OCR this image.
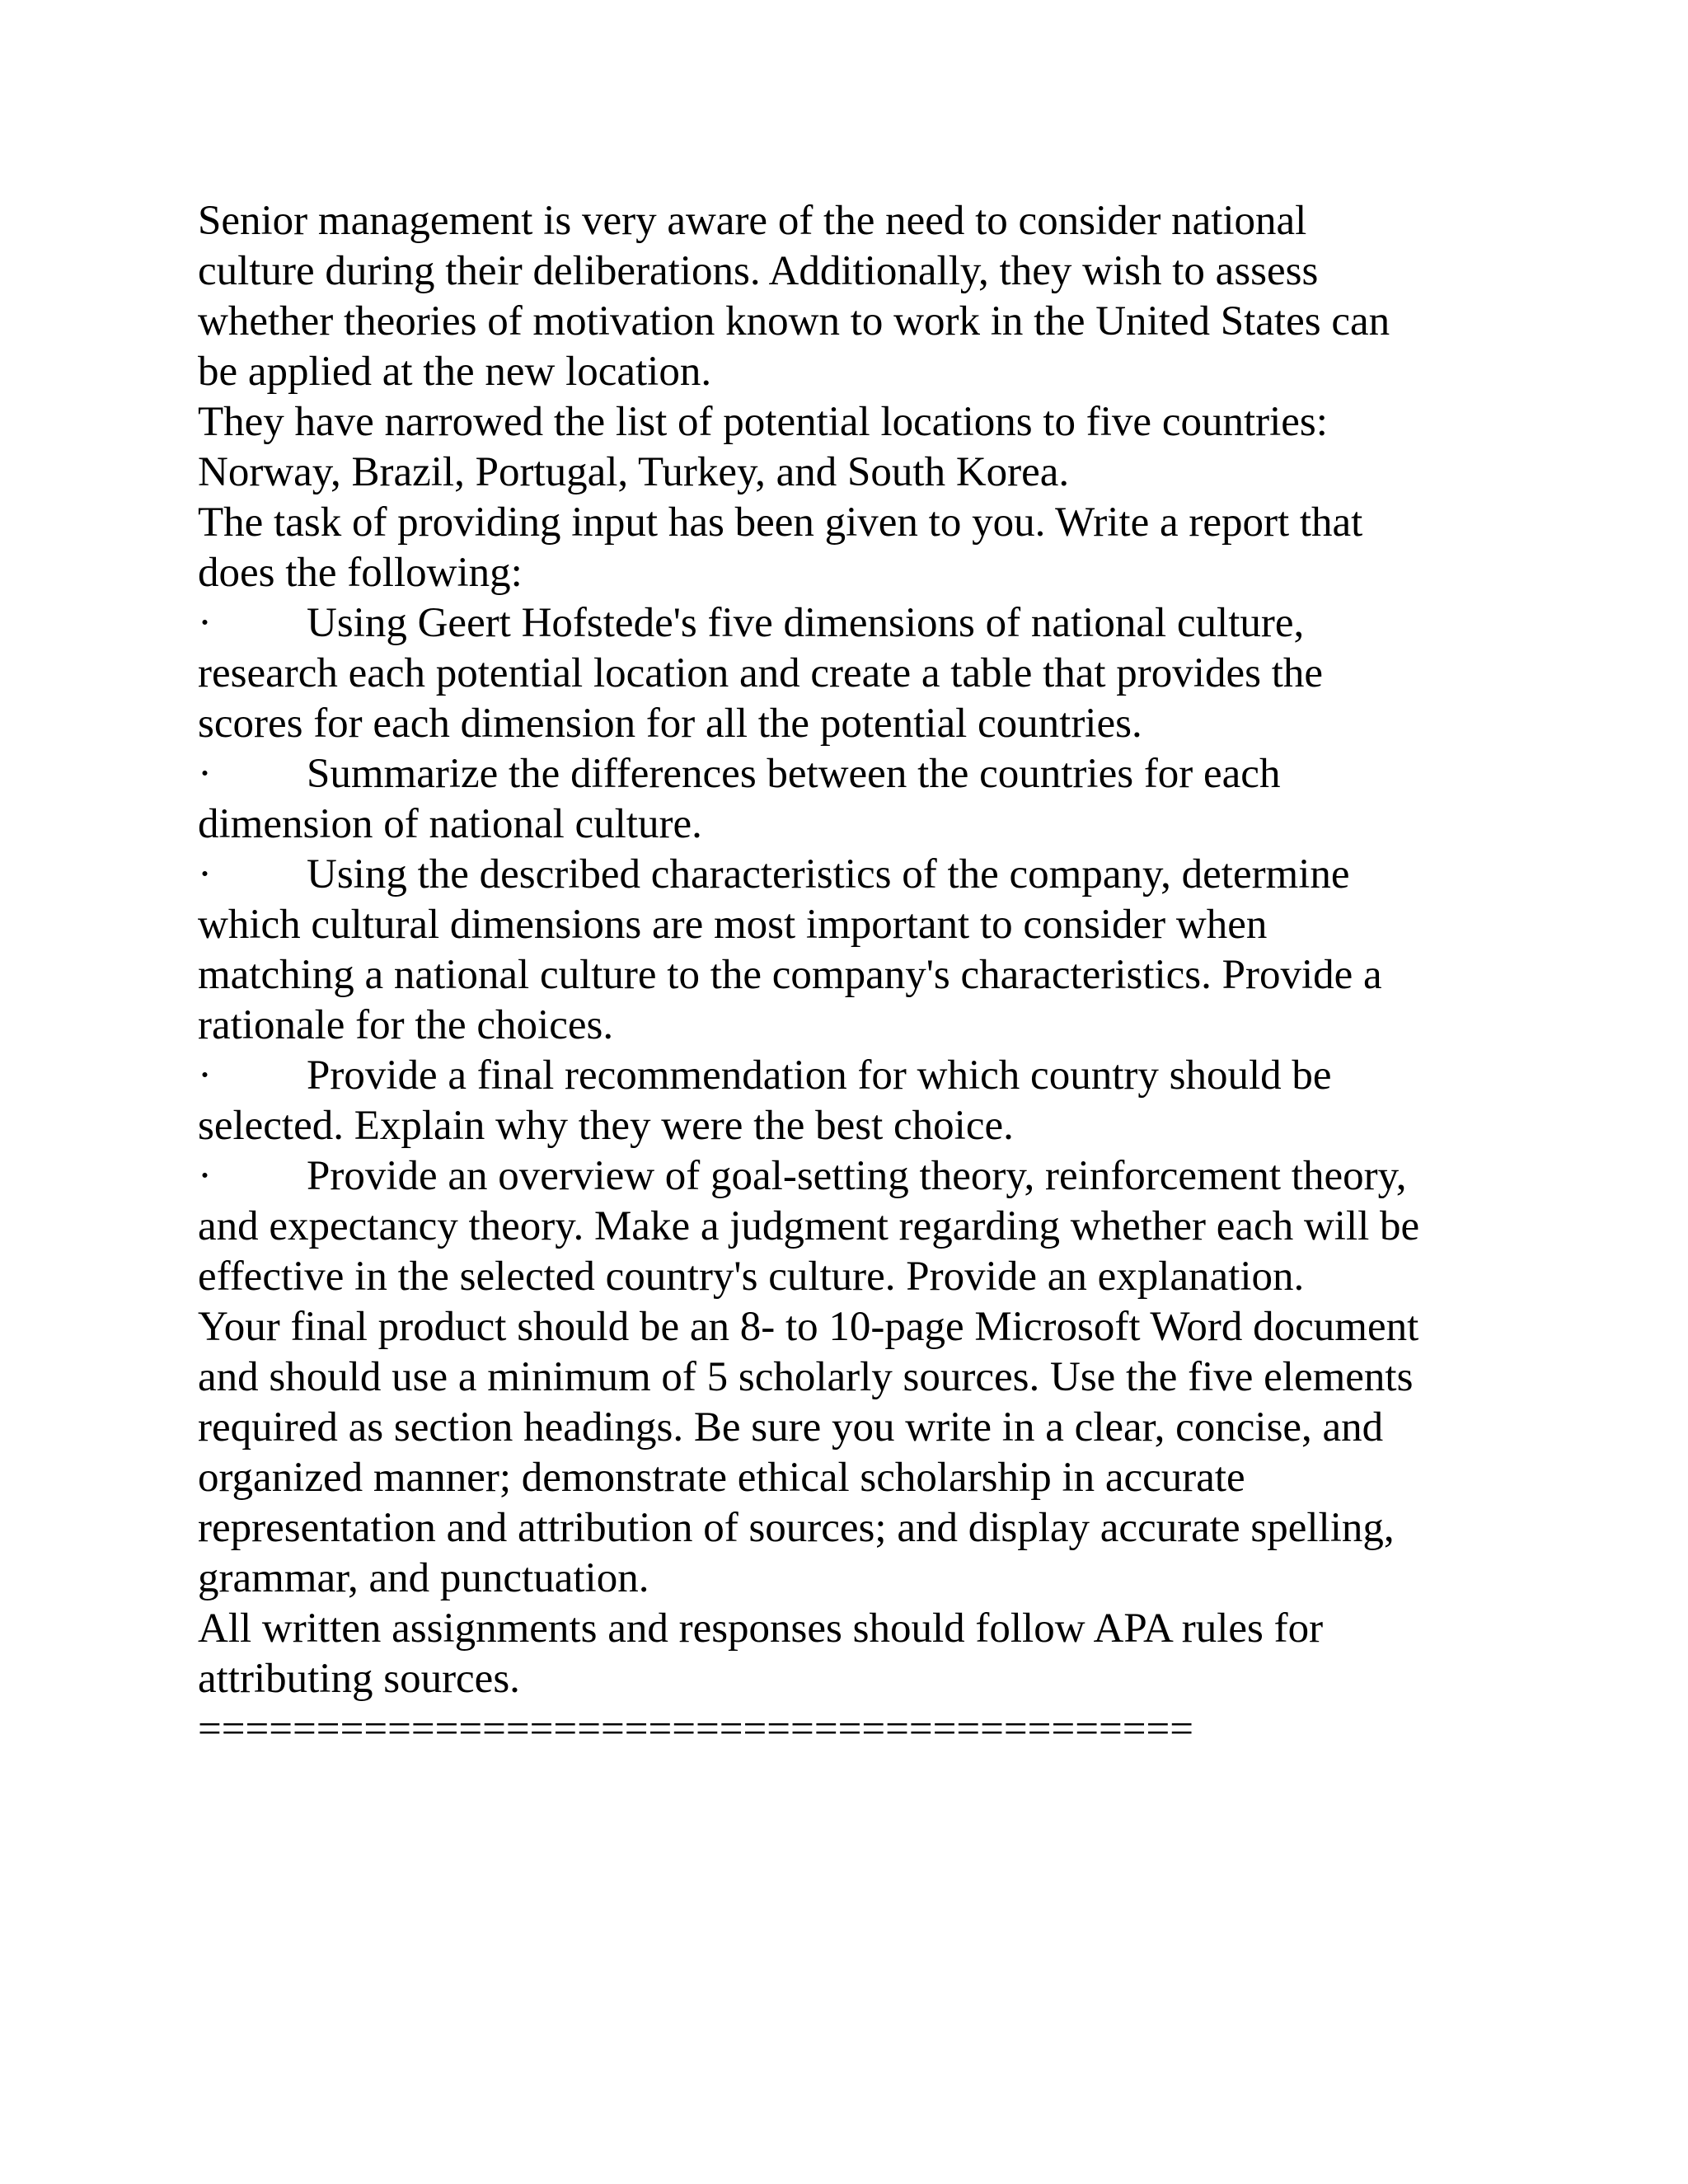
Senior management is very aware of the need to consider national
culture during their deliberations. Additionally, they wish to assess
whether theories of motivation known to work in the United States can
be applied at the new location.

They have narrowed the list of potential locations to five countries:
Norway, Brazil, Portugal, Turkey, and South Korea.

The task of providing input has been given to you. Write a report that
does the following:

· Using Geert Hofstede's five dimensions of national culture,

research each potential location and create a table that provides the
scores for each dimension for all the potential countries.

· Summarize the differences between the countries for each

dimension of national culture.

· Using the described characteristics of the company, determine

which cultural dimensions are most important to consider when
matching a national culture to the company's characteristics. Provide a
rationale for the choices.

· Provide a final recommendation for which country should be

selected. Explain why they were the best choice.

· Provide an overview of goal-setting theory, reinforcement theory,

and expectancy theory. Make a judgment regarding whether each will be
effective in the selected country's culture. Provide an explanation.

Your final product should be an 8- to 10-page Microsoft Word document
and should use a minimum of 5 scholarly sources. Use the five elements
required as section headings. Be sure you write in a clear, concise, and
organized manner; demonstrate ethical scholarship in accurate
representation and attribution of sources; and display accurate spelling,
grammar, and punctuation.

All written assignments and responses should follow APA rules for
attributing sources.

==========================================
